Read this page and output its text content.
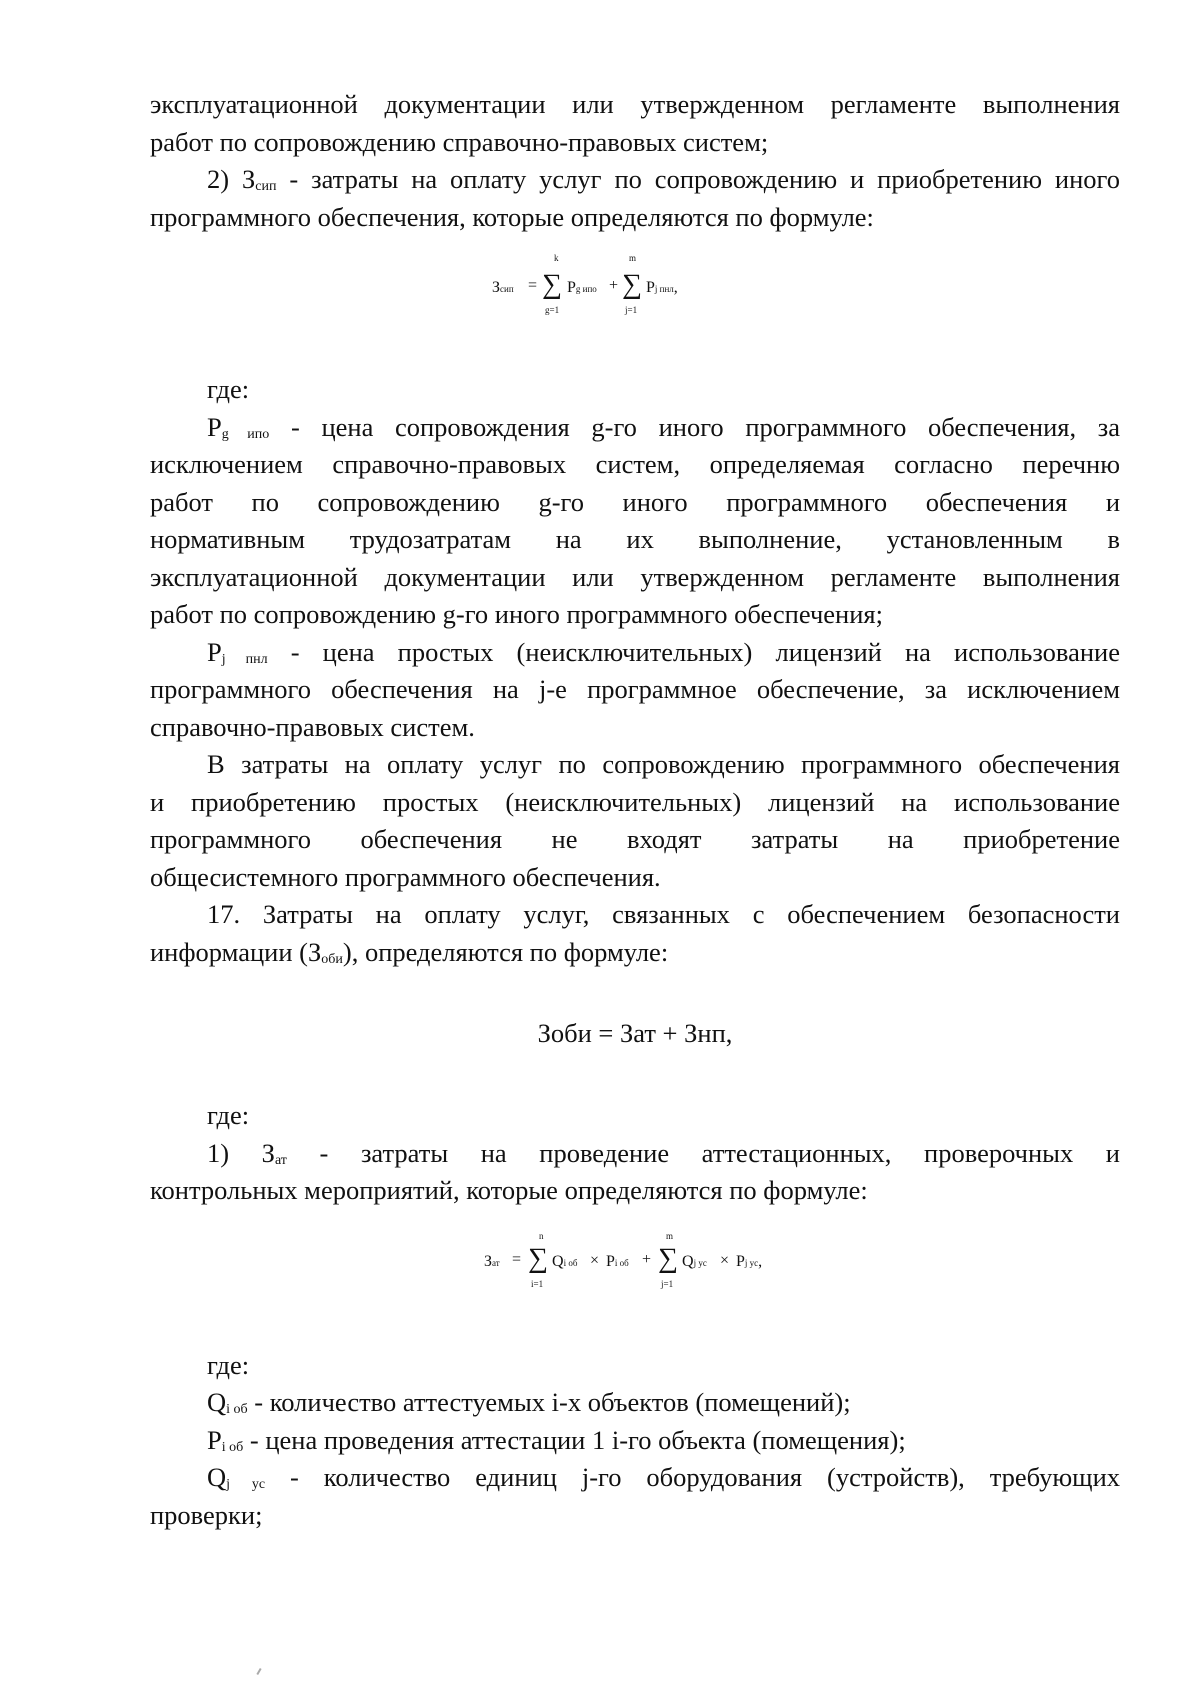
эксплуатационной документации или утвержденном регламенте выполнения

работ по сопровождению справочно-правовых систем;

2) $З_{сип}$ - затраты на оплату услуг по сопровождению и приобретению иного

программного обеспечения, которые определяются по формуле:

Зсип =
k
∑
g=1
Pg ипо +
m
∑
j=1
Pj пнл,

где:

$P_{g ипо}$ - цена сопровождения g-го иного программного обеспечения, за

исключением справочно-правовых систем, определяемая согласно перечню

работ по сопровождению g-го иного программного обеспечения и

нормативным трудозатратам на их выполнение, установленным в

эксплуатационной документации или утвержденном регламенте выполнения

работ по сопровождению g-го иного программного обеспечения;

$P_{j пнл}$ - цена простых (неисключительных) лицензий на использование

программного обеспечения на j-е программное обеспечение, за исключением

справочно-правовых систем.

В затраты на оплату услуг по сопровождению программного обеспечения

и приобретению простых (неисключительных) лицензий на использование

программного обеспечения не входят затраты на приобретение

общесистемного программного обеспечения.

17. Затраты на оплату услуг, связанных с обеспечением безопасности

информации $(З_{оби})$, определяются по формуле:

Зоби = Зат + Знп,

где:

1) $З_{ат}$ - затраты на проведение аттестационных, проверочных и

контрольных мероприятий, которые определяются по формуле:

Зат =
n
∑
i=1
Qi об × Pi об +
m
∑
j=1
Qj ус × Pj ус,

где:

$Q_{i об}$ - количество аттестуемых i-х объектов (помещений);

$P_{i об}$ - цена проведения аттестации 1 i-го объекта (помещения);

$Q_{j ус}$ - количество единиц j-го оборудования (устройств), требующих

проверки;
